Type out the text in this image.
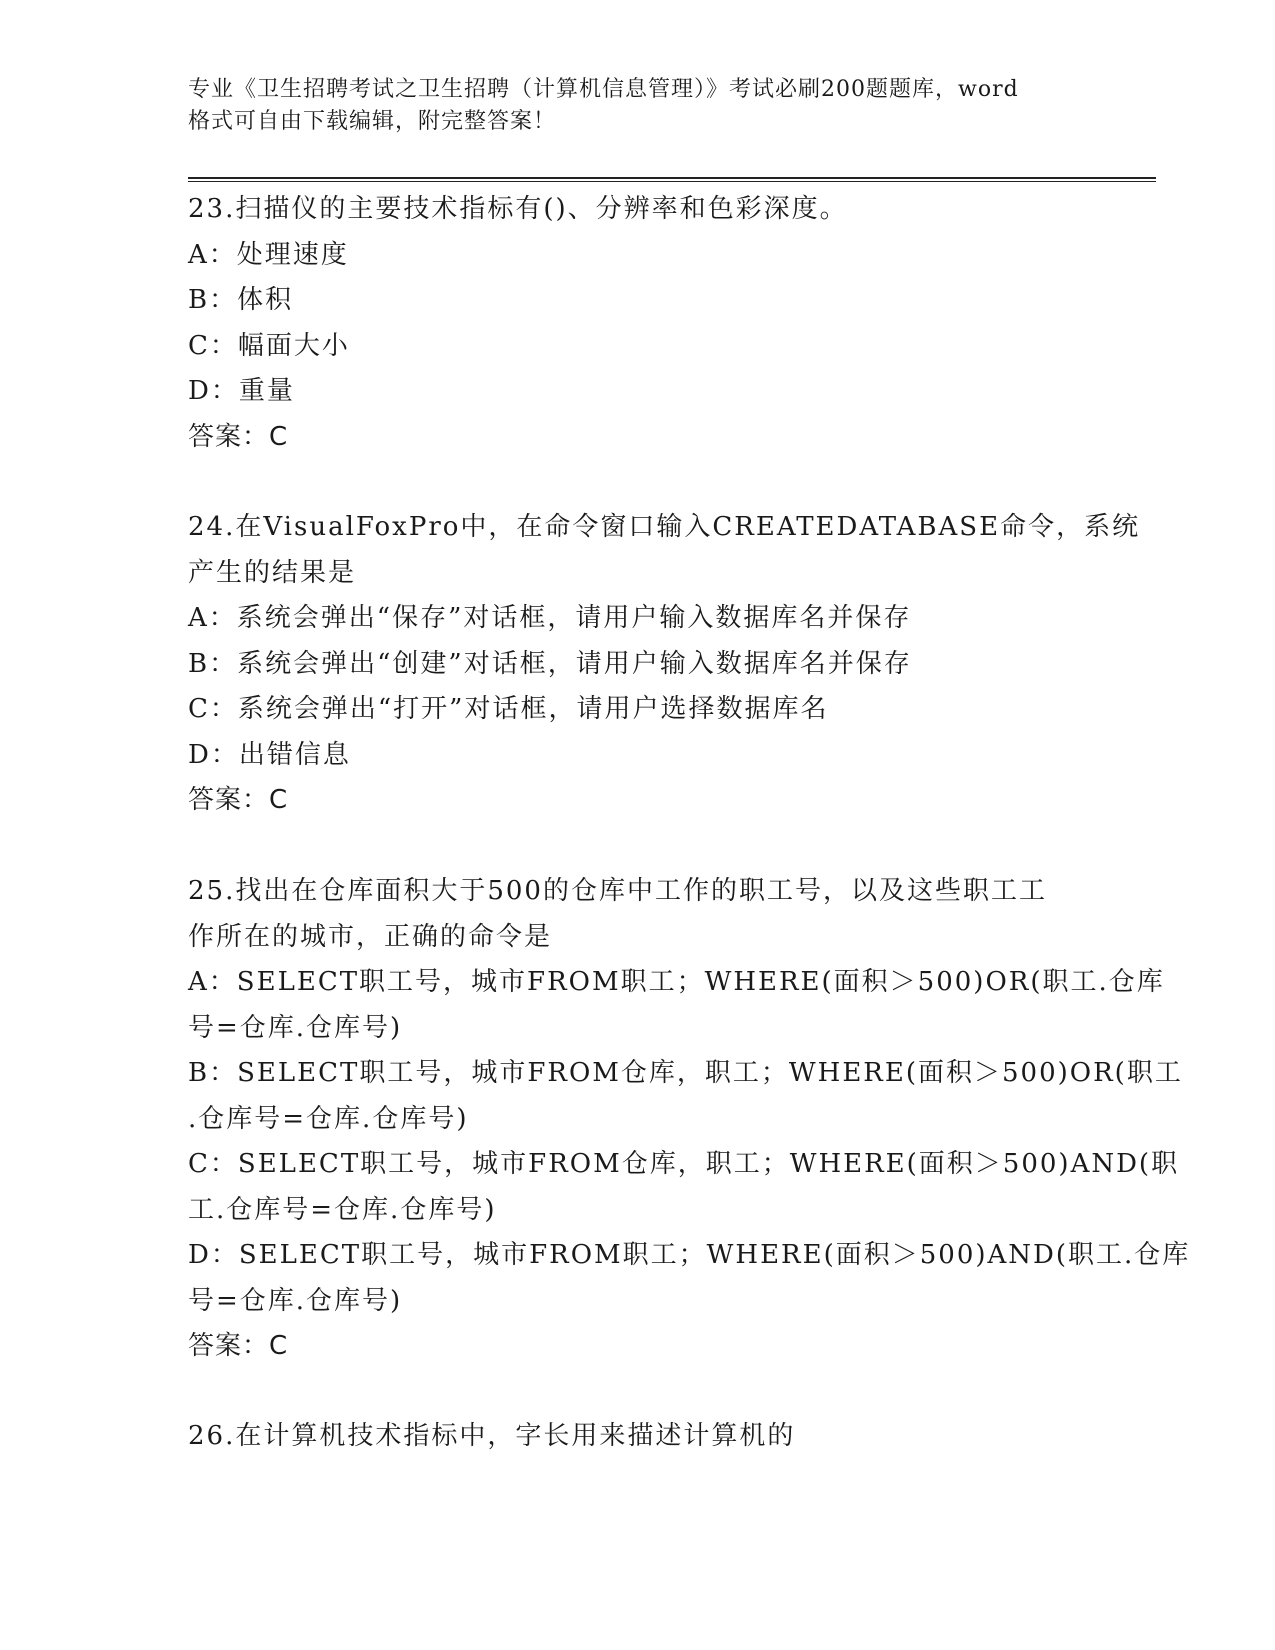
专业《卫生招聘考试之卫生招聘（计算机信息管理）》考试必刷200题题库，word
格式可自由下载编辑，附完整答案！
23.扫描仪的主要技术指标有()、分辨率和色彩深度。
A：处理速度
B：体积
C：幅面大小
D：重量
答案：C
24.在VisualFoxPro中，在命令窗口输入CREATEDATABASE命令，系统
产生的结果是
A：系统会弹出“保存”对话框，请用户输入数据库名并保存
B：系统会弹出“创建”对话框，请用户输入数据库名并保存
C：系统会弹出“打开”对话框，请用户选择数据库名
D：出错信息
答案：C
25.找出在仓库面积大于500的仓库中工作的职工号，以及这些职工工
作所在的城市，正确的命令是
A：SELECT职工号，城市FROM职工；WHERE(面积＞500)OR(职工.仓库
号=仓库.仓库号)
B：SELECT职工号，城市FROM仓库，职工；WHERE(面积＞500)OR(职工
.仓库号=仓库.仓库号)
C：SELECT职工号，城市FROM仓库，职工；WHERE(面积＞500)AND(职
工.仓库号=仓库.仓库号)
D：SELECT职工号，城市FROM职工；WHERE(面积＞500)AND(职工.仓库
号=仓库.仓库号)
答案：C
26.在计算机技术指标中，字长用来描述计算机的
